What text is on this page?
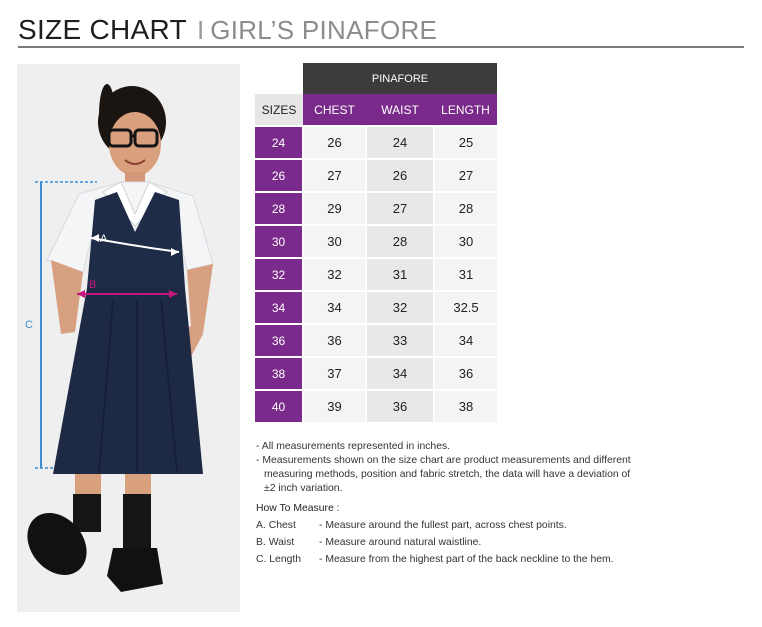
SIZE CHART I GIRL’S PINAFORE
A
B
C
	PINAFORE		
SIZES	CHEST	WAIST	LENGTH
24	26	24	25
26	27	26	27
28	29	27	28
30	30	28	30
32	32	31	31
34	34	32	32.5
36	36	33	34
38	37	34	36
40	39	36	38

- All measurements represented in inches.

- Measurements shown on the size chart are product measurements and different

measuring methods, position and fabric stretch, the data will have a deviation of

±2 inch variation.

How To Measure :
A. Chest - Measure around the fullest part, across chest points.
B. Waist - Measure around natural waistline.
C. Length - Measure from the highest part of the back neckline to the hem.
